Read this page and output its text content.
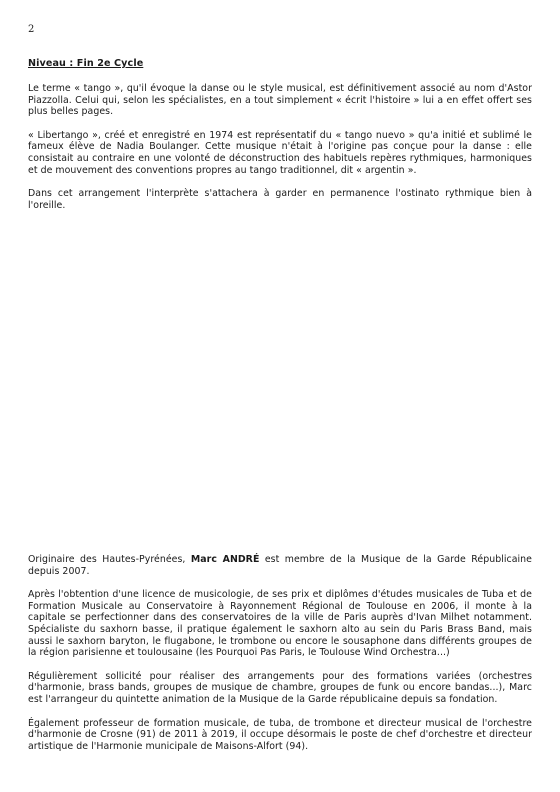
2
Niveau : Fin 2e Cycle

Le terme « tango », qu'il évoque la danse ou le style musical, est définitivement associé au nom d'Astor Piazzolla. Celui qui, selon les spécialistes, en a tout simplement « écrit l'histoire » lui a en effet offert ses plus belles pages.

« Libertango », créé et enregistré en 1974 est représentatif du « tango nuevo » qu'a initié et sublimé le fameux élève de Nadia Boulanger. Cette musique n'était à l'origine pas conçue pour la danse : elle consistait au contraire en une volonté de déconstruction des habituels repères rythmiques, harmoniques et de mouvement des conventions propres au tango traditionnel, dit « argentin ».

Dans cet arrangement l'interprète s'attachera à garder en permanence l'ostinato rythmique bien à l'oreille.

Originaire des Hautes-Pyrénées, Marc ANDRÉ est membre de la Musique de la Garde Républicaine depuis 2007.

Après l'obtention d'une licence de musicologie, de ses prix et diplômes d'études musicales de Tuba et de Formation Musicale au Conservatoire à Rayonnement Régional de Toulouse en 2006, il monte à la capitale se perfectionner dans des conservatoires de la ville de Paris auprès d'Ivan Milhet notamment. Spécialiste du saxhorn basse, il pratique également le saxhorn alto au sein du Paris Brass Band, mais aussi le saxhorn baryton, le flugabone, le trombone ou encore le sousaphone dans différents groupes de la région parisienne et toulousaine (les Pourquoi Pas Paris, le Toulouse Wind Orchestra...)

Régulièrement sollicité pour réaliser des arrangements pour des formations variées (orchestres d'harmonie, brass bands, groupes de musique de chambre, groupes de funk ou encore bandas...), Marc est l'arrangeur du quintette animation de la Musique de la Garde républicaine depuis sa fondation.

Également professeur de formation musicale, de tuba, de trombone et directeur musical de l'orchestre d'harmonie de Crosne (91) de 2011 à 2019, il occupe désormais le poste de chef d'orchestre et directeur artistique de l'Harmonie municipale de Maisons-Alfort (94).
